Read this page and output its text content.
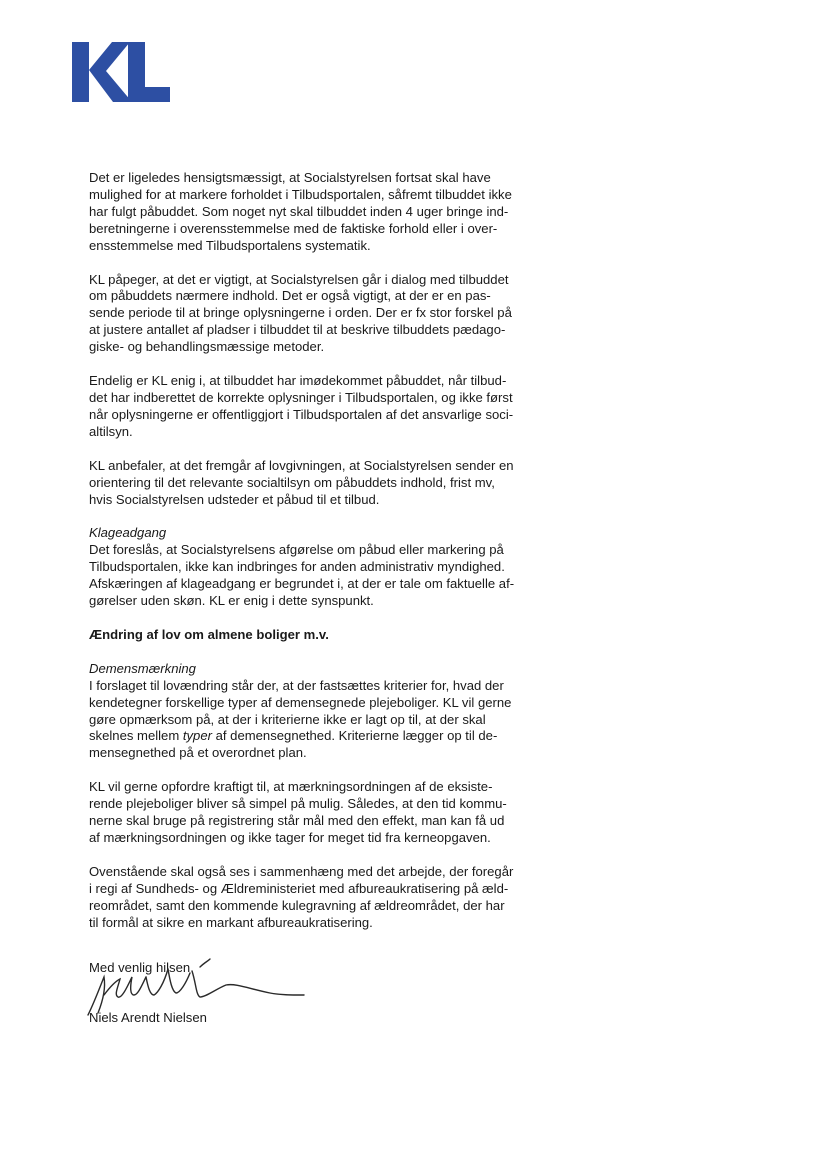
Det er ligeledes hensigtsmæssigt, at Socialstyrelsen fortsat skal have
mulighed for at markere forholdet i Tilbudsportalen, såfremt tilbuddet ikke
har fulgt påbuddet. Som noget nyt skal tilbuddet inden 4 uger bringe ind-
beretningerne i overensstemmelse med de faktiske forhold eller i over-
ensstemmelse med Tilbudsportalens systematik.

KL påpeger, at det er vigtigt, at Socialstyrelsen går i dialog med tilbuddet
om påbuddets nærmere indhold. Det er også vigtigt, at der er en pas-
sende periode til at bringe oplysningerne i orden. Der er fx stor forskel på
at justere antallet af pladser i tilbuddet til at beskrive tilbuddets pædago-
giske- og behandlingsmæssige metoder.

Endelig er KL enig i, at tilbuddet har imødekommet påbuddet, når tilbud-
det har indberettet de korrekte oplysninger i Tilbudsportalen, og ikke først
når oplysningerne er offentliggjort i Tilbudsportalen af det ansvarlige soci-
altilsyn.

KL anbefaler, at det fremgår af lovgivningen, at Socialstyrelsen sender en
orientering til det relevante socialtilsyn om påbuddets indhold, frist mv,
hvis Socialstyrelsen udsteder et påbud til et tilbud.

Klageadgang

Det foreslås, at Socialstyrelsens afgørelse om påbud eller markering på
Tilbudsportalen, ikke kan indbringes for anden administrativ myndighed.
Afskæringen af klageadgang er begrundet i, at der er tale om faktuelle af-
gørelser uden skøn. KL er enig i dette synspunkt.

Ændring af lov om almene boliger m.v.

Demensmærkning

I forslaget til lovændring står der, at der fastsættes kriterier for, hvad der
kendetegner forskellige typer af demensegnede plejeboliger. KL vil gerne
gøre opmærksom på, at der i kriterierne ikke er lagt op til, at der skal
skelnes mellem typer af demensegnethed. Kriterierne lægger op til de-
mensegnethed på et overordnet plan.

KL vil gerne opfordre kraftigt til, at mærkningsordningen af de eksiste-
rende plejeboliger bliver så simpel på mulig. Således, at den tid kommu-
nerne skal bruge på registrering står mål med den effekt, man kan få ud
af mærkningsordningen og ikke tager for meget tid fra kerneopgaven.

Ovenstående skal også ses i sammenhæng med det arbejde, der foregår
i regi af Sundheds- og Ældreministeriet med afbureaukratisering på æld-
reområdet, samt den kommende kulegravning af ældreområdet, der har
til formål at sikre en markant afbureaukratisering.

Med venlig hilsen
Niels Arendt Nielsen
